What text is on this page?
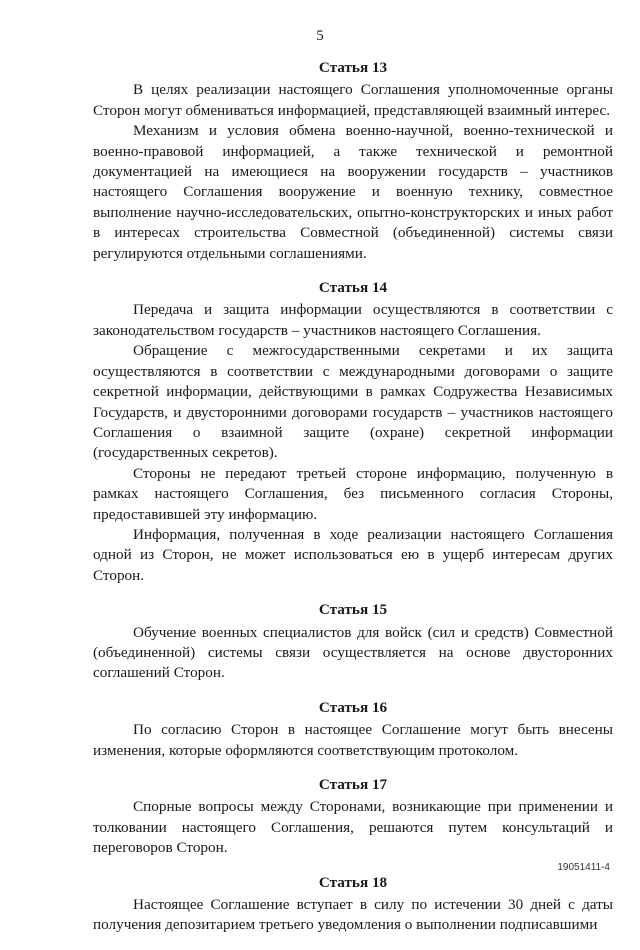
5
Статья 13

В целях реализации настоящего Соглашения уполномоченные органы Сторон могут обмениваться информацией, представляющей взаимный интерес.

Механизм и условия обмена военно-научной, военно-технической и военно-правовой информацией, а также технической и ремонтной документацией на имеющиеся на вооружении государств – участников настоящего Соглашения вооружение и военную технику, совместное выполнение научно-исследовательских, опытно-конструкторских и иных работ в интересах строительства Совместной (объединенной) системы связи регулируются отдельными соглашениями.

Статья 14

Передача и защита информации осуществляются в соответствии с законодательством государств – участников настоящего Соглашения.

Обращение с межгосударственными секретами и их защита осуществляются в соответствии с международными договорами о защите секретной информации, действующими в рамках Содружества Независимых Государств, и двусторонними договорами государств – участников настоящего Соглашения о взаимной защите (охране) секретной информации (государственных секретов).

Стороны не передают третьей стороне информацию, полученную в рамках настоящего Соглашения, без письменного согласия Стороны, предоставившей эту информацию.

Информация, полученная в ходе реализации настоящего Соглашения одной из Сторон, не может использоваться ею в ущерб интересам других Сторон.

Статья 15

Обучение военных специалистов для войск (сил и средств) Совместной (объединенной) системы связи осуществляется на основе двусторонних соглашений Сторон.

Статья 16

По согласию Сторон в настоящее Соглашение могут быть внесены изменения, которые оформляются соответствующим протоколом.

Статья 17

Спорные вопросы между Сторонами, возникающие при применении и толковании настоящего Соглашения, решаются путем консультаций и переговоров Сторон.

Статья 18

Настоящее Соглашение вступает в силу по истечении 30 дней с даты получения депозитарием третьего уведомления о выполнении подписавшими

19051411-4
